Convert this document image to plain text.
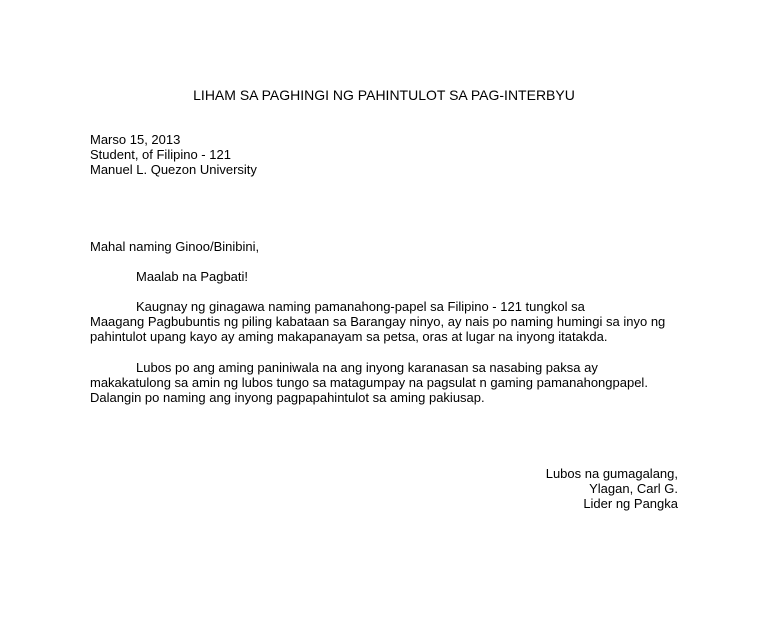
LIHAM SA PAGHINGI NG PAHINTULOT SA PAG-INTERBYU
Marso 15, 2013
Student, of Filipino - 121
Manuel L. Quezon University
Mahal naming Ginoo/Binibini,
Maalab na Pagbati!
Kaugnay ng ginagawa naming pamanahong-papel sa Filipino - 121 tungkol sa
Maagang Pagbubuntis ng piling kabataan sa Barangay ninyo, ay nais po naming humingi sa inyo ng
pahintulot upang kayo ay aming makapanayam sa petsa, oras at lugar na inyong itatakda.
Lubos po ang aming paniniwala na ang inyong karanasan sa nasabing paksa ay
makakatulong sa amin ng lubos tungo sa matagumpay na pagsulat n gaming pamanahongpapel.
Dalangin po naming ang inyong pagpapahintulot sa aming pakiusap.
Lubos na gumagalang,
Ylagan, Carl G.
Lider ng Pangka
